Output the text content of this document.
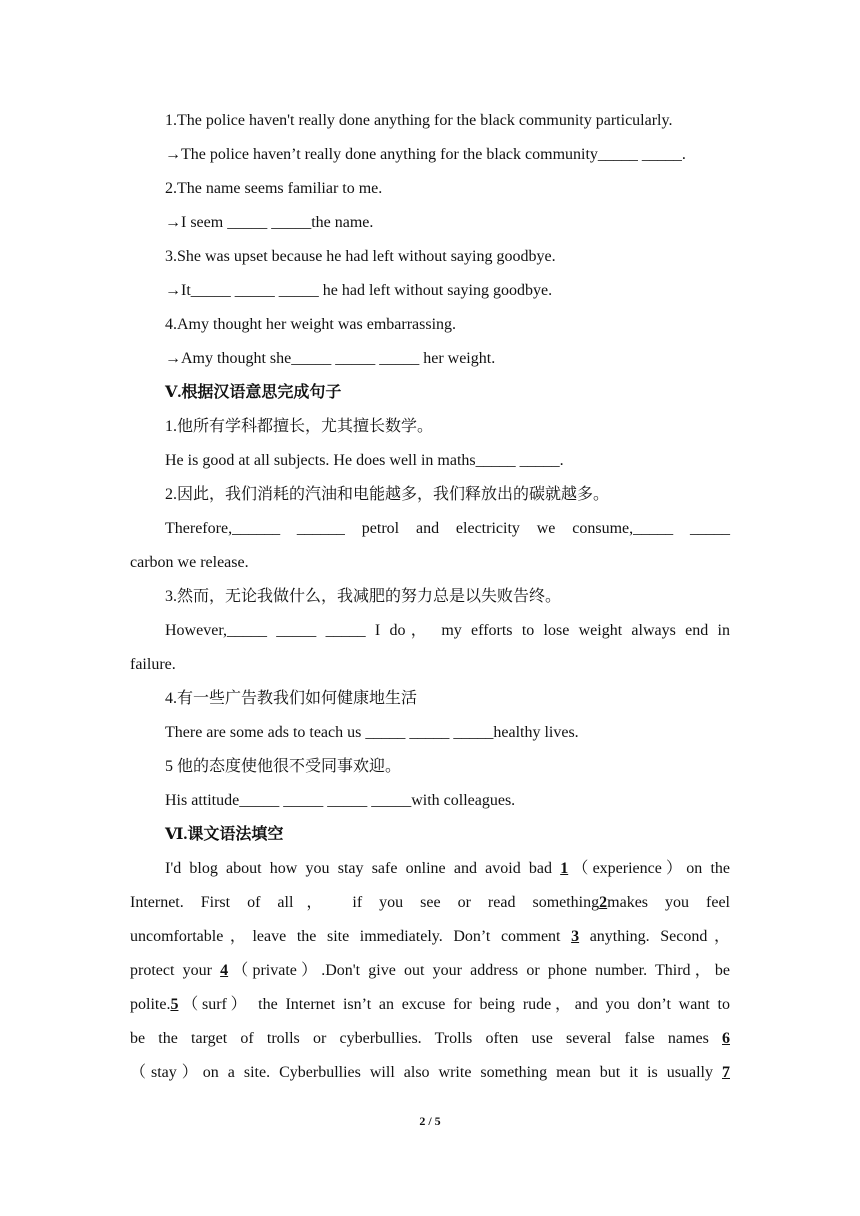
1.The police haven't really done anything for the black community particularly.
→The police haven’t really done anything for the black community_____ _____.
2.The name seems familiar to me.
→I seem _____ _____the name.
3.She was upset because he had left without saying goodbye.
→It_____ _____ _____ he had left without saying goodbye.
4.Amy thought her weight was embarrassing.
→Amy thought she_____ _____ _____ her weight.
Ⅴ.根据汉语意思完成句子
1.他所有学科都擅长，尤其擅长数学。
He is good at all subjects. He does well in maths_____ _____.
2.因此，我们消耗的汽油和电能越多，我们释放出的碳就越多。
Therefore,______ ______ petrol and electricity we consume,_____ _____
carbon we release.
3.然而，无论我做什么，我减肥的努力总是以失败告终。
However,_____ _____ _____ I do， my efforts to lose weight always end in
failure.
4.有一些广告教我们如何健康地生活
There are some ads to teach us _____ _____ _____healthy lives.
5 他的态度使他很不受同事欢迎。
His attitude_____ _____ _____ _____with colleagues.
Ⅵ.课文语法填空
I'd blog about how you stay safe online and avoid bad 1（experience）on the
Internet. First of all， if you see or read something2makes you feel
uncomfortable，leave the site immediately. Don’t comment 3 anything. Second，
protect your 4（private）.Don't give out your address or phone number. Third，be
polite.5（surf） the Internet isn’t an excuse for being rude，and you don’t want to
be the target of trolls or cyberbullies. Trolls often use several false names 6
（stay）on a site. Cyberbullies will also write something mean but it is usually 7
2 / 5
